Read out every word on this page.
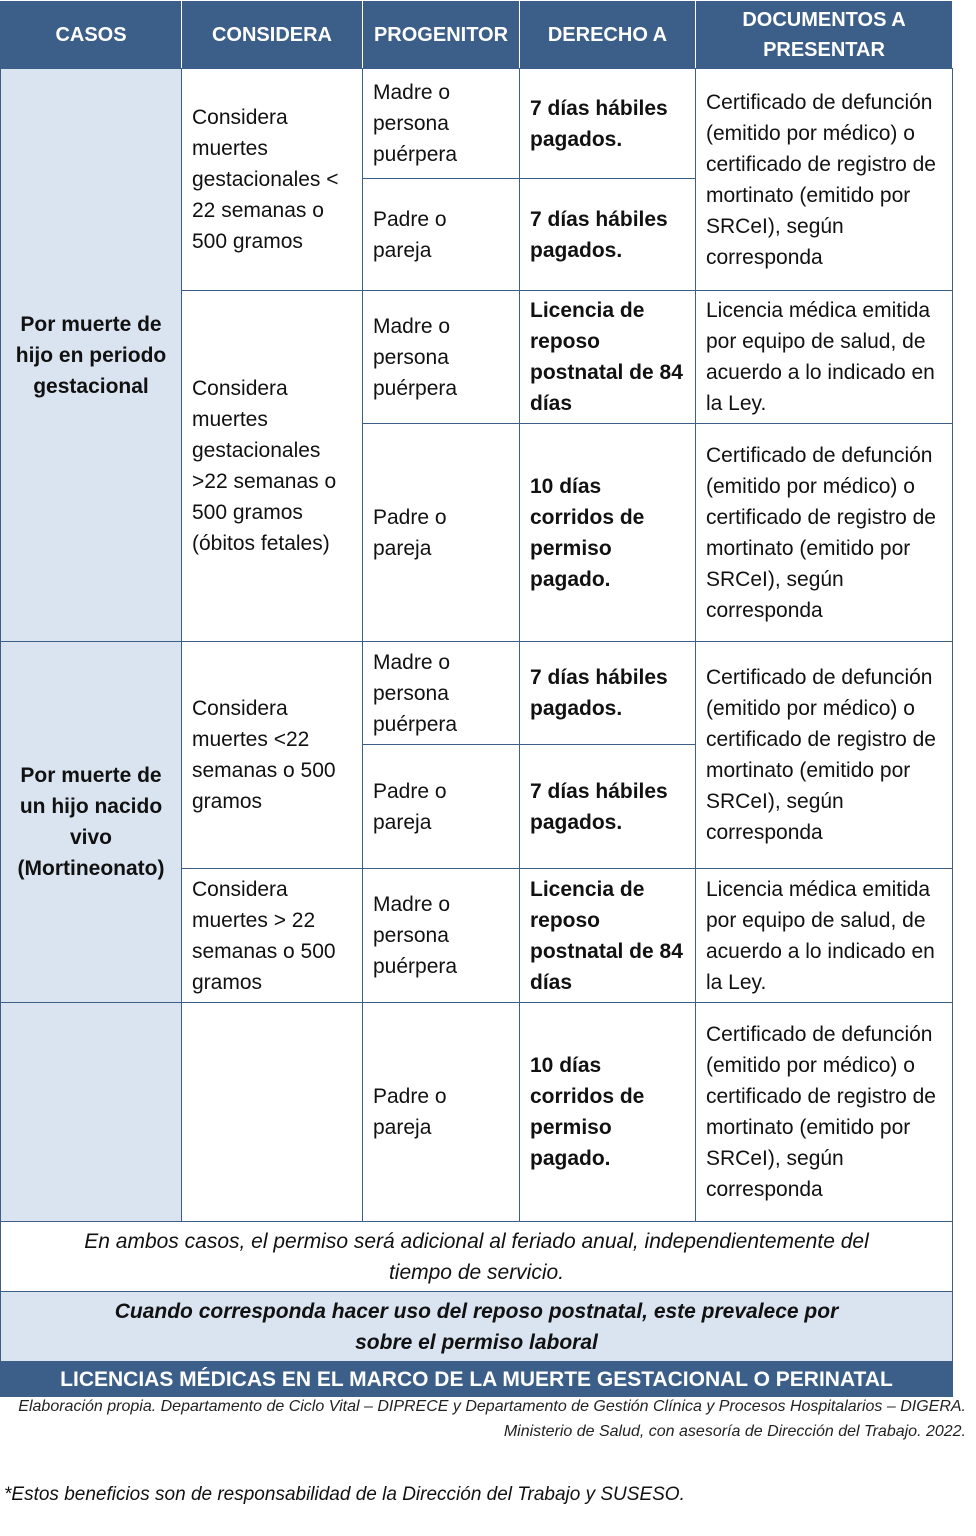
CASOS	CONSIDERA	PROGENITOR	DERECHO A	DOCUMENTOS A PRESENTAR
Por muerte de hijo en periodo gestacional	Considera muertes gestacionales < 22 semanas o 500 gramos	Madre o persona puérpera	7 días hábiles pagados.	Certificado de defunción (emitido por médico) o certificado de registro de mortinato (emitido por SRCeI), según corresponda
		Padre o pareja	7 días hábiles pagados.	
	Considera muertes gestacionales >22 semanas o 500 gramos (óbitos fetales)	Madre o persona puérpera	Licencia de reposo postnatal de 84 días	Licencia médica emitida por equipo de salud, de acuerdo a lo indicado en la Ley.
		Padre o pareja	10 días corridos de permiso pagado.	Certificado de defunción (emitido por médico) o certificado de registro de mortinato (emitido por SRCeI), según corresponda
Por muerte de un hijo nacido vivo (Mortineonato)	Considera muertes <22 semanas o 500 gramos	Madre o persona puérpera	7 días hábiles pagados.	Certificado de defunción (emitido por médico) o certificado de registro de mortinato (emitido por SRCeI), según corresponda
		Padre o pareja	7 días hábiles pagados.	
	Considera muertes > 22 semanas o 500 gramos	Madre o persona puérpera	Licencia de reposo postnatal de 84 días	Licencia médica emitida por equipo de salud, de acuerdo a lo indicado en la Ley.
		Padre o pareja	10 días corridos de permiso pagado.	Certificado de defunción (emitido por médico) o certificado de registro de mortinato (emitido por SRCeI), según corresponda
En ambos casos, el permiso será adicional al feriado anual, independientemente del tiempo de servicio.				
Cuando corresponda hacer uso del reposo postnatal, este prevalece por sobre el permiso laboral				
LICENCIAS MÉDICAS EN EL MARCO DE LA MUERTE GESTACIONAL O PERINATAL				
Elaboración propia. Departamento de Ciclo Vital – DIPRECE y Departamento de Gestión Clínica y Procesos Hospitalarios – DIGERA.
Ministerio de Salud, con asesoría de Dirección del Trabajo. 2022.
*Estos beneficios son de responsabilidad de la Dirección del Trabajo y SUSESO.
